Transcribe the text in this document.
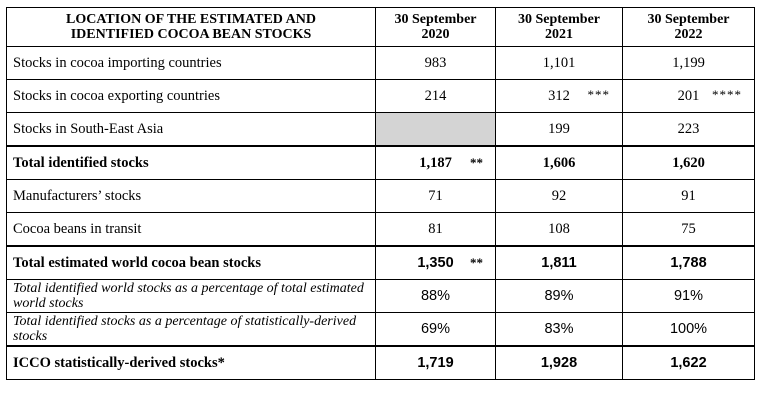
LOCATION OF THE ESTIMATED AND IDENTIFIED COCOA BEAN STOCKS	30 September 2020	30 September 2021	30 September 2022
Stocks in cocoa importing countries	983	1,101	1,199
Stocks in cocoa exporting countries	214	312 ***	201 ****

Stocks in South-East Asia		199	223
Total identified stocks	1,187 **	1,606	1,620
Manufacturers’ stocks	71	92	91
Cocoa beans in transit	81	108	75
Total estimated world cocoa bean stocks	1,350 **	1,811	1,788
Total identified world stocks as a percentage of total estimated world stocks	88%	89%	91%
Total identified stocks as a percentage of statistically-derived stocks	69%	83%	100%
ICCO statistically-derived stocks*	1,719	1,928	1,622
